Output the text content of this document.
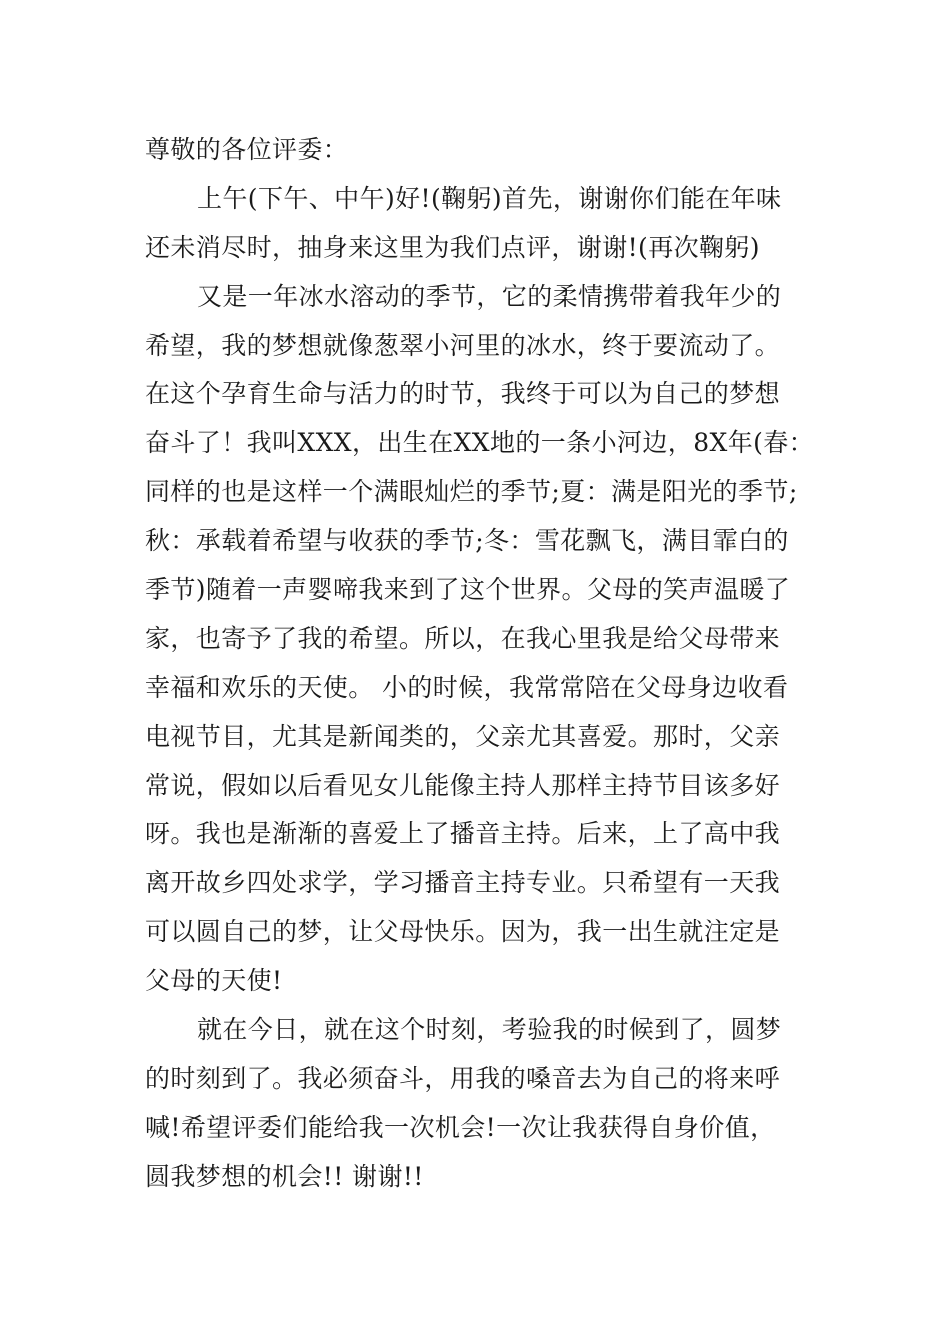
尊敬的各位评委：
上午(下午、中午)好!(鞠躬)首先，谢谢你们能在年味
还未消尽时，抽身来这里为我们点评，谢谢!(再次鞠躬)
又是一年冰水溶动的季节，它的柔情携带着我年少的
希望，我的梦想就像葱翠小河里的冰水，终于要流动了。
在这个孕育生命与活力的时节，我终于可以为自己的梦想
奋斗了！我叫XXX，出生在XX地的一条小河边，8X年(春：
同样的也是这样一个满眼灿烂的季节;夏：满是阳光的季节;
秋：承载着希望与收获的季节;冬：雪花飘飞，满目霏白的
季节)随着一声婴啼我来到了这个世界。父母的笑声温暖了
家，也寄予了我的希望。所以，在我心里我是给父母带来
幸福和欢乐的天使。 小的时候，我常常陪在父母身边收看
电视节目，尤其是新闻类的，父亲尤其喜爱。那时，父亲
常说，假如以后看见女儿能像主持人那样主持节目该多好
呀。我也是渐渐的喜爱上了播音主持。后来，上了高中我
离开故乡四处求学，学习播音主持专业。只希望有一天我
可以圆自己的梦，让父母快乐。因为，我一出生就注定是
父母的天使!
就在今日，就在这个时刻，考验我的时候到了，圆梦
的时刻到了。我必须奋斗，用我的嗓音去为自己的将来呼
喊!希望评委们能给我一次机会!一次让我获得自身价值，
圆我梦想的机会!! 谢谢!!
